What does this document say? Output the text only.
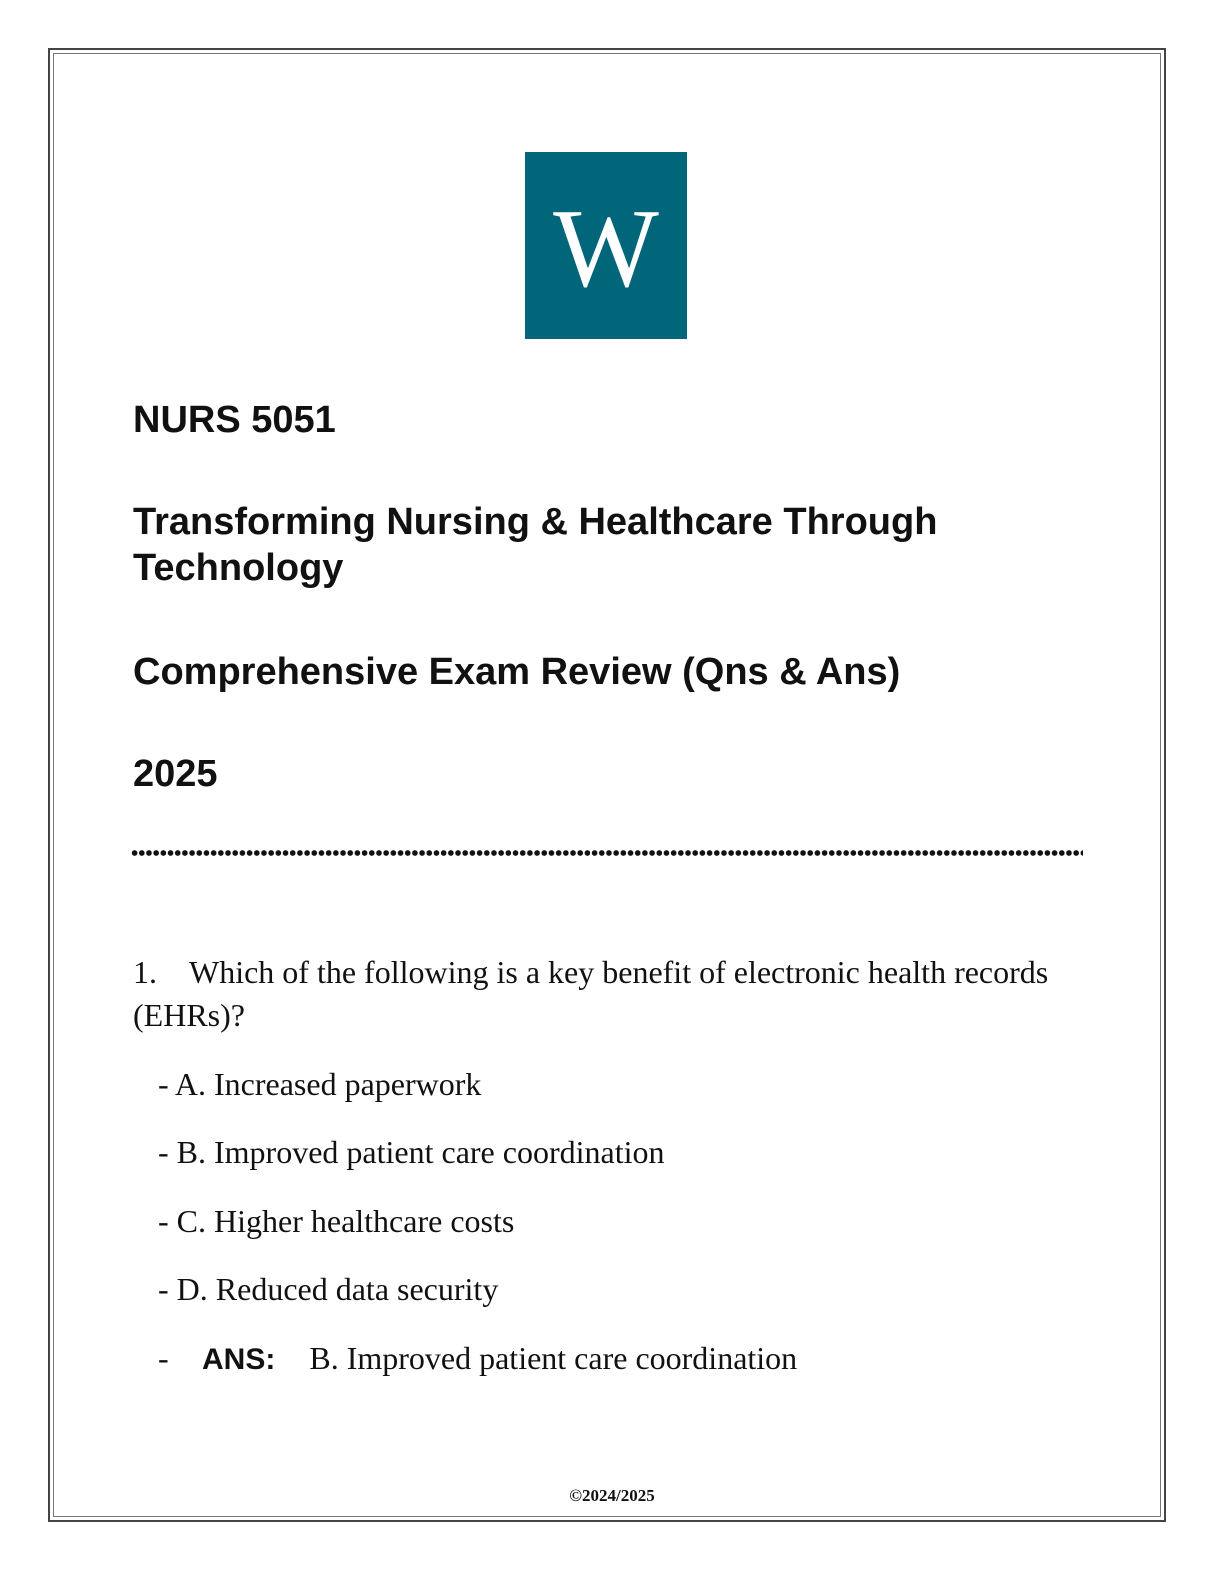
W
NURS 5051
Transforming Nursing & Healthcare Through Technology
Comprehensive Exam Review (Qns & Ans)
2025

1. Which of the following is a key benefit of electronic health records (EHRs)?

- A. Increased paperwork

- B. Improved patient care coordination

- C. Higher healthcare costs

- D. Reduced data security

- ANS: B. Improved patient care coordination

©2024/2025
